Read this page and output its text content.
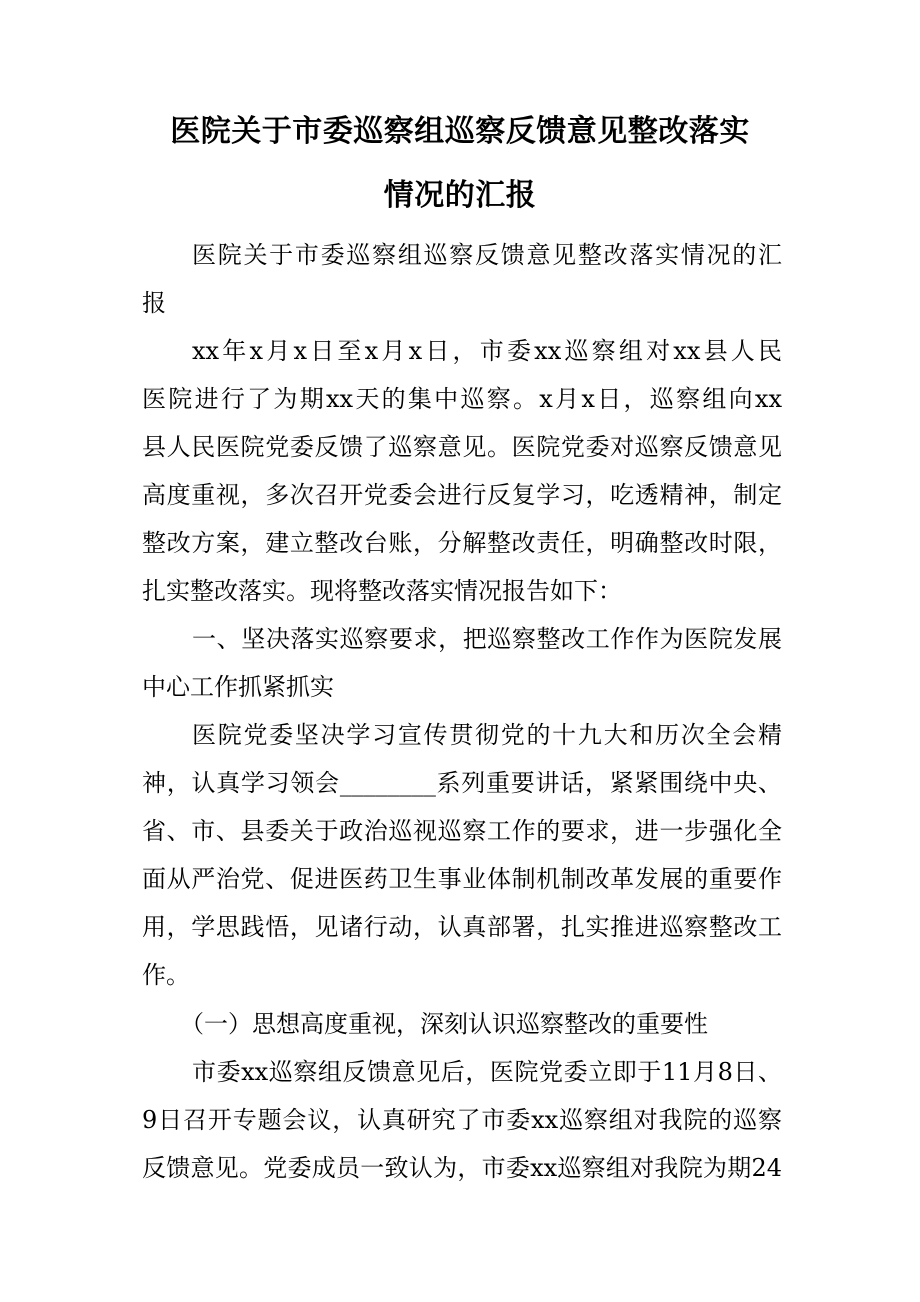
医院关于市委巡察组巡察反馈意见整改落实
情况的汇报
医院关于市委巡察组巡察反馈意见整改落实情况的汇
报
xx年x月x日至x月x日，市委xx巡察组对xx县人民
医院进行了为期xx天的集中巡察。x月x日，巡察组向xx
县人民医院党委反馈了巡察意见。医院党委对巡察反馈意见
高度重视，多次召开党委会进行反复学习，吃透精神，制定
整改方案，建立整改台账，分解整改责任，明确整改时限，
扎实整改落实。现将整改落实情况报告如下：
一、坚决落实巡察要求，把巡察整改工作作为医院发展
中心工作抓紧抓实
医院党委坚决学习宣传贯彻党的十九大和历次全会精
神，认真学习领会________系列重要讲话，紧紧围绕中央、
省、市、县委关于政治巡视巡察工作的要求，进一步强化全
面从严治党、促进医药卫生事业体制机制改革发展的重要作
用，学思践悟，见诸行动，认真部署，扎实推进巡察整改工
作。
（一）思想高度重视，深刻认识巡察整改的重要性
市委xx巡察组反馈意见后，医院党委立即于11月8日、
9日召开专题会议，认真研究了市委xx巡察组对我院的巡察
反馈意见。党委成员一致认为，市委xx巡察组对我院为期24
